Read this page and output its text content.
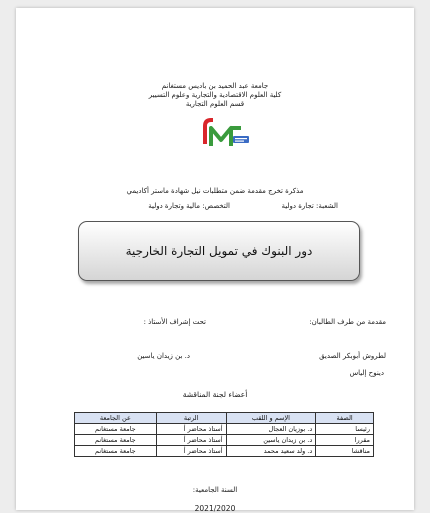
جامعة عبد الحميد بن باديس مستغانم
كلية العلوم الاقتصادية والتجارية وعلوم التسيير
قسم العلوم التجارية
مذكرة تخرج مقدمة ضمن متطلبات نيل شهادة ماستر أكاديمي
الشعبة: تجارة دولية
التخصص: مالية وتجارة دولية
دور البنوك في تمويل التجارة الخارجية
مقدمة من طرف الطالبان:
تحت إشراف الأستاذ :
لطروش أبوبكر الصديق
د. بن زيدان ياسين
دينوح إلياس
أعضاء لجنة المناقشة
الصفة	الإسم و اللقب	الرتبة	عن الجامعة
رئيسا	د. بوزيان العجال	أستاذ محاضر أ	جامعة مستغانم
مقررا	د. بن زيدان ياسين	أستاذ محاضر أ	جامعة مستغانم
مناقشا	د. ولد سعيد محمد	أستاذ محاضر أ	جامعة مستغانم
السنة الجامعية:
2021/2020
